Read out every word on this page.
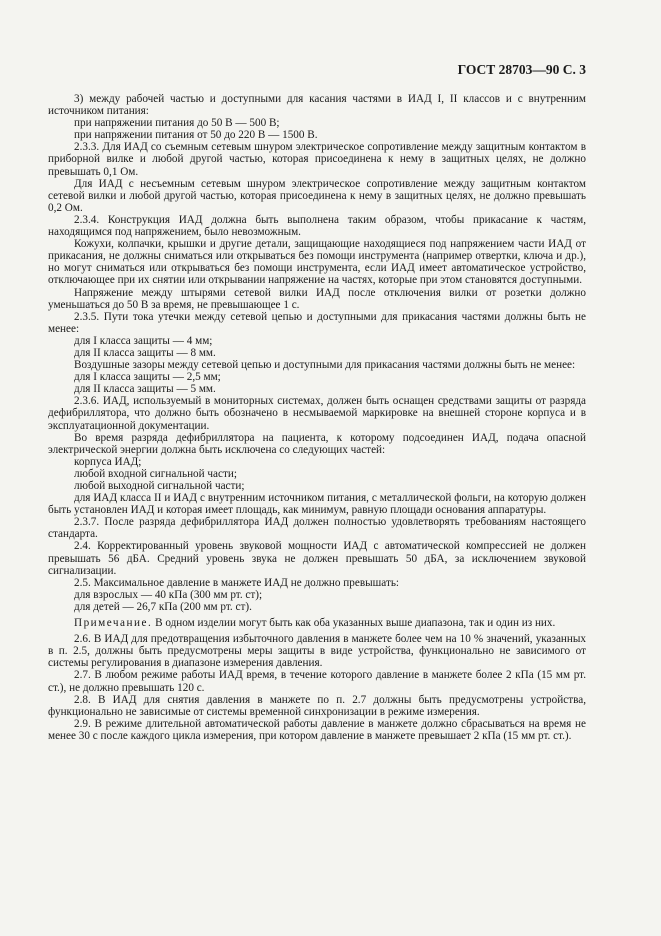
ГОСТ 28703—90 С. 3

3) между рабочей частью и доступными для касания частями в ИАД I, II классов и с внутренним источником питания:

при напряжении питания до 50 В — 500 В;

при напряжении питания от 50 до 220 В — 1500 В.

2.3.3. Для ИАД со съемным сетевым шнуром электрическое сопротивление между защитным контактом в приборной вилке и любой другой частью, которая присоединена к нему в защитных целях, не должно превышать 0,1 Ом.

Для ИАД с несъемным сетевым шнуром электрическое сопротивление между защитным контактом сетевой вилки и любой другой частью, которая присоединена к нему в защитных целях, не должно превышать 0,2 Ом.

2.3.4. Конструкция ИАД должна быть выполнена таким образом, чтобы прикасание к частям, находящимся под напряжением, было невозможным.

Кожухи, колпачки, крышки и другие детали, защищающие находящиеся под напряжением части ИАД от прикасания, не должны сниматься или открываться без помощи инструмента (например отвертки, ключа и др.), но могут сниматься или открываться без помощи инструмента, если ИАД имеет автоматическое устройство, отключающее при их снятии или открывании напряжение на частях, которые при этом становятся доступными.

Напряжение между штырями сетевой вилки ИАД после отключения вилки от розетки должно уменьшаться до 50 В за время, не превышающее 1 с.

2.3.5. Пути тока утечки между сетевой цепью и доступными для прикасания частями должны быть не менее:

для I класса защиты — 4 мм;

для II класса защиты — 8 мм.

Воздушные зазоры между сетевой цепью и доступными для прикасания частями должны быть не менее:

для I класса защиты — 2,5 мм;

для II класса защиты — 5 мм.

2.3.6. ИАД, используемый в мониторных системах, должен быть оснащен средствами защиты от разряда дефибриллятора, что должно быть обозначено в несмываемой маркировке на внешней стороне корпуса и в эксплуатационной документации.

Во время разряда дефибриллятора на пациента, к которому подсоединен ИАД, подача опасной электрической энергии должна быть исключена со следующих частей:

корпуса ИАД;

любой входной сигнальной части;

любой выходной сигнальной части;

для ИАД класса II и ИАД с внутренним источником питания, с металлической фольги, на которую должен быть установлен ИАД и которая имеет площадь, как минимум, равную площади основания аппаратуры.

2.3.7. После разряда дефибриллятора ИАД должен полностью удовлетворять требованиям настоящего стандарта.

2.4. Корректированный уровень звуковой мощности ИАД с автоматической компрессией не должен превышать 56 дБА. Средний уровень звука не должен превышать 50 дБА, за исключением звуковой сигнализации.

2.5. Максимальное давление в манжете ИАД не должно превышать:

для взрослых — 40 кПа (300 мм рт. ст);

для детей — 26,7 кПа (200 мм рт. ст).

Примечание. В одном изделии могут быть как оба указанных выше диапазона, так и один из них.

2.6. В ИАД для предотвращения избыточного давления в манжете более чем на 10 % значений, указанных в п. 2.5, должны быть предусмотрены меры защиты в виде устройства, функционально не зависимого от системы регулирования в диапазоне измерения давления.

2.7. В любом режиме работы ИАД время, в течение которого давление в манжете более 2 кПа (15 мм рт. ст.), не должно превышать 120 с.

2.8. В ИАД для снятия давления в манжете по п. 2.7 должны быть предусмотрены устройства, функционально не зависимые от системы временной синхронизации в режиме измерения.

2.9. В режиме длительной автоматической работы давление в манжете должно сбрасываться на время не менее 30 с после каждого цикла измерения, при котором давление в манжете превышает 2 кПа (15 мм рт. ст.).
